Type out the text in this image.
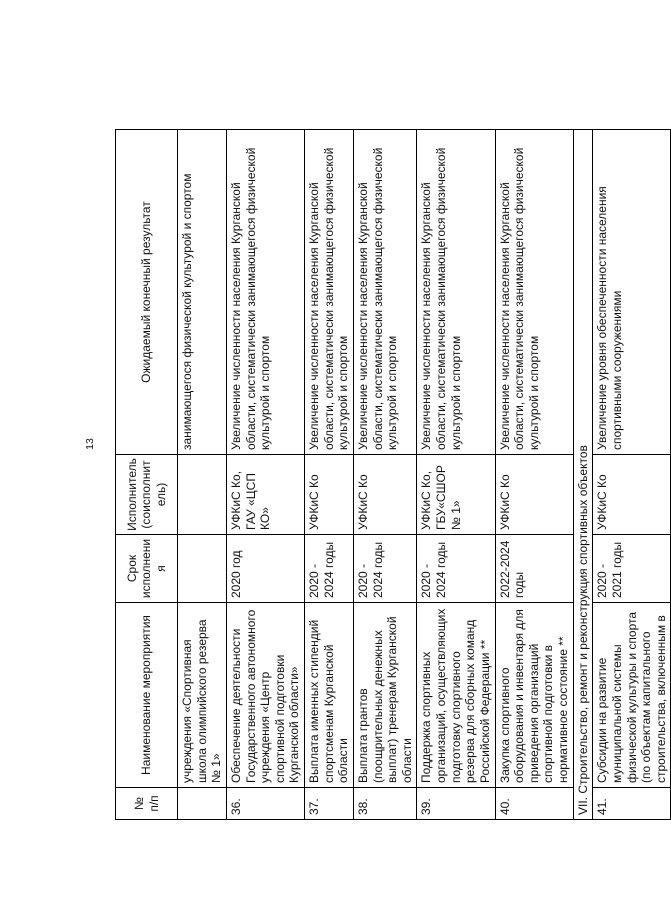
13
№ п/п	Наименование мероприятия	Срок исполнения	Исполнитель (соисполнитель)	Ожидаемый конечный результат
	учреждения «Спортивная школа олимпийского резерва № 1»			занимающегося физической культурой и спортом
36.	Обеспечение деятельности Государственного автономного учреждения «Центр спортивной подготовки Курганской области»	2020 год	УФКиС Ко, ГАУ «ЦСП КО»	Увеличение численности населения Курганской области, систематически занимающегося физической культурой и спортом
37.	Выплата именных стипендий спортсменам Курганской области	2020 - 2024 годы	УФКиС Ко	Увеличение численности населения Курганской области, систематически занимающегося физической культурой и спортом
38.	Выплата грантов (поощрительных денежных выплат) тренерам Курганской области	2020 - 2024 годы	УФКиС Ко	Увеличение численности населения Курганской области, систематически занимающегося физической культурой и спортом
39.	Поддержка спортивных организаций, осуществляющих подготовку спортивного резерва для сборных команд Российской Федерации **	2020 - 2024 годы	УФКиС Ко, ГБУ«СШОР № 1»	Увеличение численности населения Курганской области, систематически занимающегося физической культурой и спортом
40.	Закупка спортивного оборудования и инвентаря для приведения организаций спортивной подготовки в нормативное состояние **	2022-2024 годы	УФКиС Ко	Увеличение численности населения Курганской области, систематически занимающегося физической культурой и спортом
VII. Строительство, ремонт и реконструкция спортивных объектов				
41.	Субсидии на развитие муниципальной системы физической культуры и спорта (по объектам капитального строительства, включенным в	2020 - 2021 годы	УФКиС Ко	Увеличение уровня обеспеченности населения спортивными сооружениями
